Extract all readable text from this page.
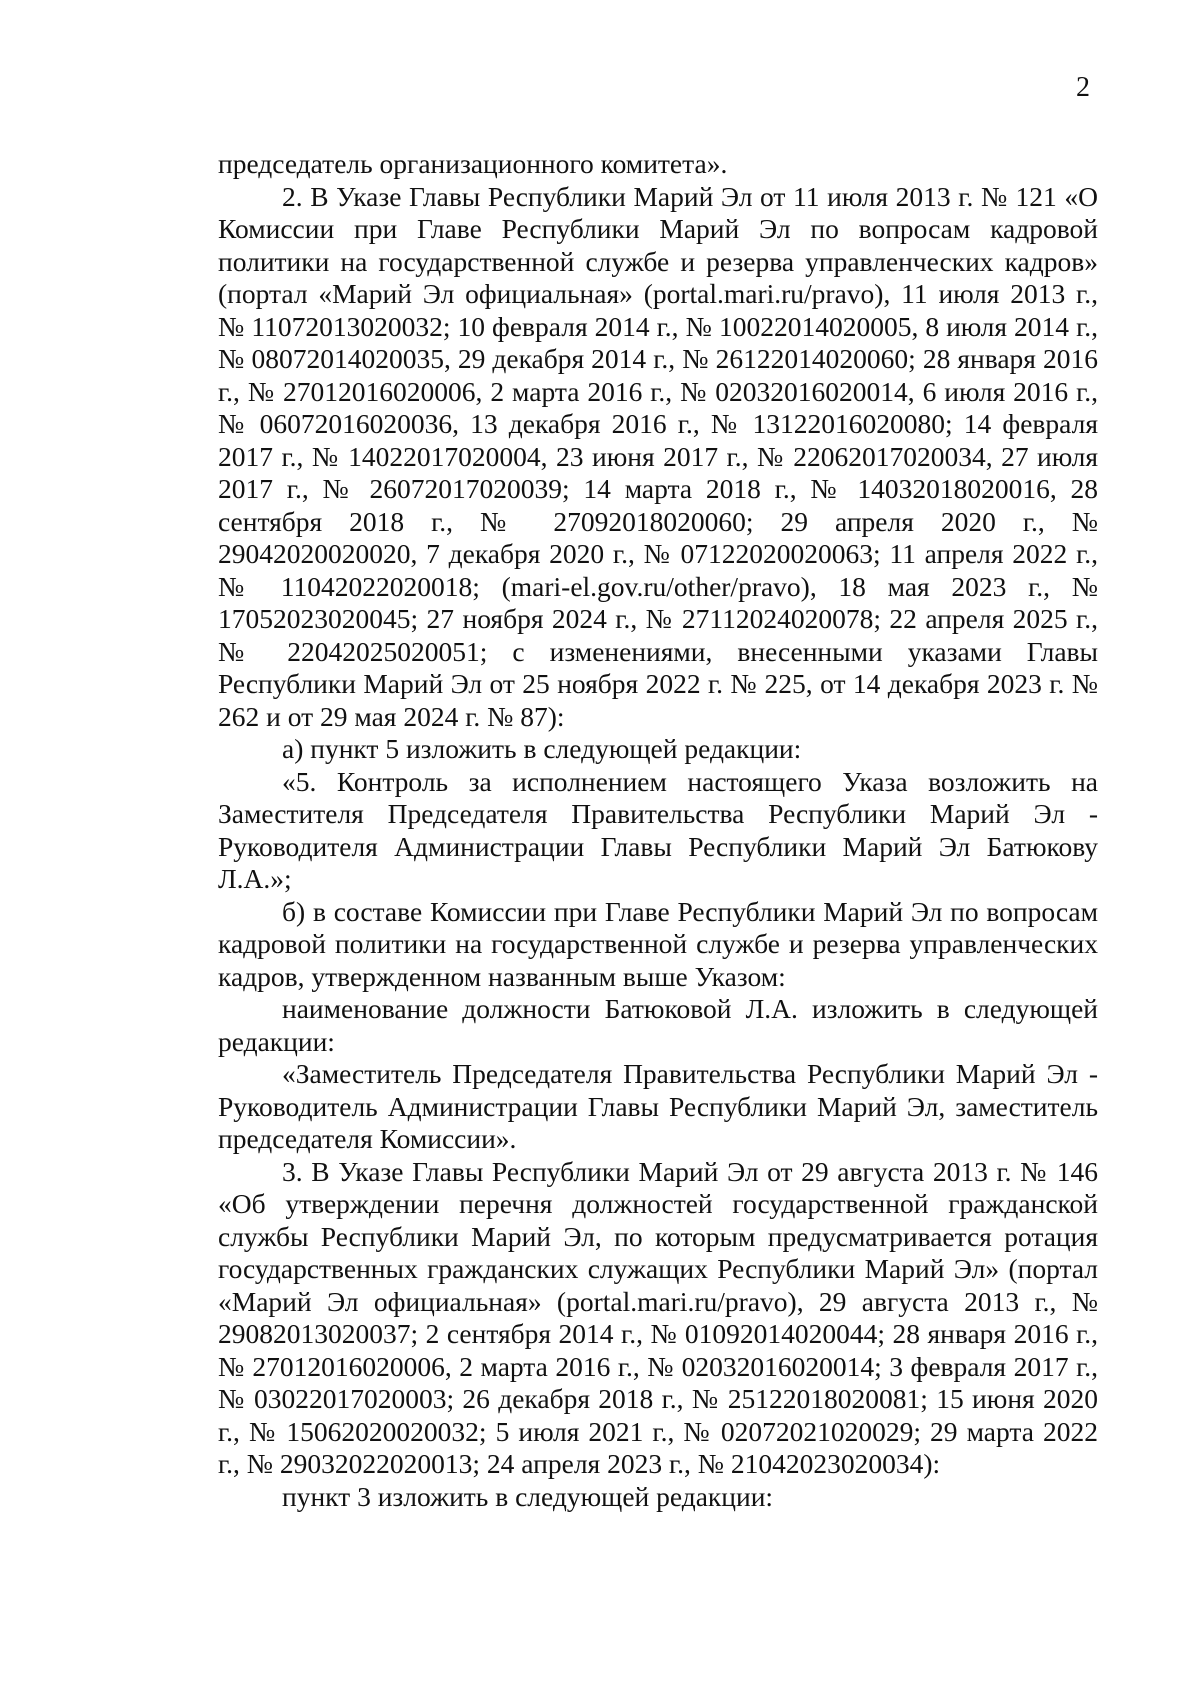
2

председатель организационного комитета».

2. В Указе Главы Республики Марий Эл от 11 июля 2013 г. № 121 «О Комиссии при Главе Республики Марий Эл по вопросам кадровой политики на государственной службе и резерва управленческих кадров» (портал «Марий Эл официальная» (portal.mari.ru/pravo), 11 июля 2013 г., № 11072013020032; 10 февраля 2014 г., № 10022014020005, 8 июля 2014 г., № 08072014020035, 29 декабря 2014 г., № 26122014020060; 28 января 2016 г., № 27012016020006, 2 марта 2016 г., № 02032016020014, 6 июля 2016 г., № 06072016020036, 13 декабря 2016 г., № 13122016020080; 14 февраля 2017 г., № 14022017020004, 23 июня 2017 г., № 22062017020034, 27 июля 2017 г., № 26072017020039; 14 марта 2018 г., № 14032018020016, 28 сентября 2018 г., № 27092018020060; 29 апреля 2020 г., № 29042020020020, 7 декабря 2020 г., № 07122020020063; 11 апреля 2022 г., № 11042022020018; (mari-el.gov.ru/other/pravo), 18 мая 2023 г., № 17052023020045; 27 ноября 2024 г., № 27112024020078; 22 апреля 2025 г., № 22042025020051; с изменениями, внесенными указами Главы Республики Марий Эл от 25 ноября 2022 г. № 225, от 14 декабря 2023 г. № 262 и от 29 мая 2024 г. № 87):

а) пункт 5 изложить в следующей редакции:

«5. Контроль за исполнением настоящего Указа возложить на Заместителя Председателя Правительства Республики Марий Эл - Руководителя Администрации Главы Республики Марий Эл Батюкову Л.А.»;

б) в составе Комиссии при Главе Республики Марий Эл по вопросам кадровой политики на государственной службе и резерва управленческих кадров, утвержденном названным выше Указом:

наименование должности Батюковой Л.А. изложить в следующей редакции:

«Заместитель Председателя Правительства Республики Марий Эл - Руководитель Администрации Главы Республики Марий Эл, заместитель председателя Комиссии».

3. В Указе Главы Республики Марий Эл от 29 августа 2013 г. № 146 «Об утверждении перечня должностей государственной гражданской службы Республики Марий Эл, по которым предусматривается ротация государственных гражданских служащих Республики Марий Эл» (портал «Марий Эл официальная» (portal.mari.ru/pravo), 29 августа 2013 г., № 29082013020037; 2 сентября 2014 г., № 01092014020044; 28 января 2016 г., № 27012016020006, 2 марта 2016 г., № 02032016020014; 3 февраля 2017 г., № 03022017020003; 26 декабря 2018 г., № 25122018020081; 15 июня 2020 г., № 15062020020032; 5 июля 2021 г., № 02072021020029; 29 марта 2022 г., № 29032022020013; 24 апреля 2023 г., № 21042023020034):

пункт 3 изложить в следующей редакции:
